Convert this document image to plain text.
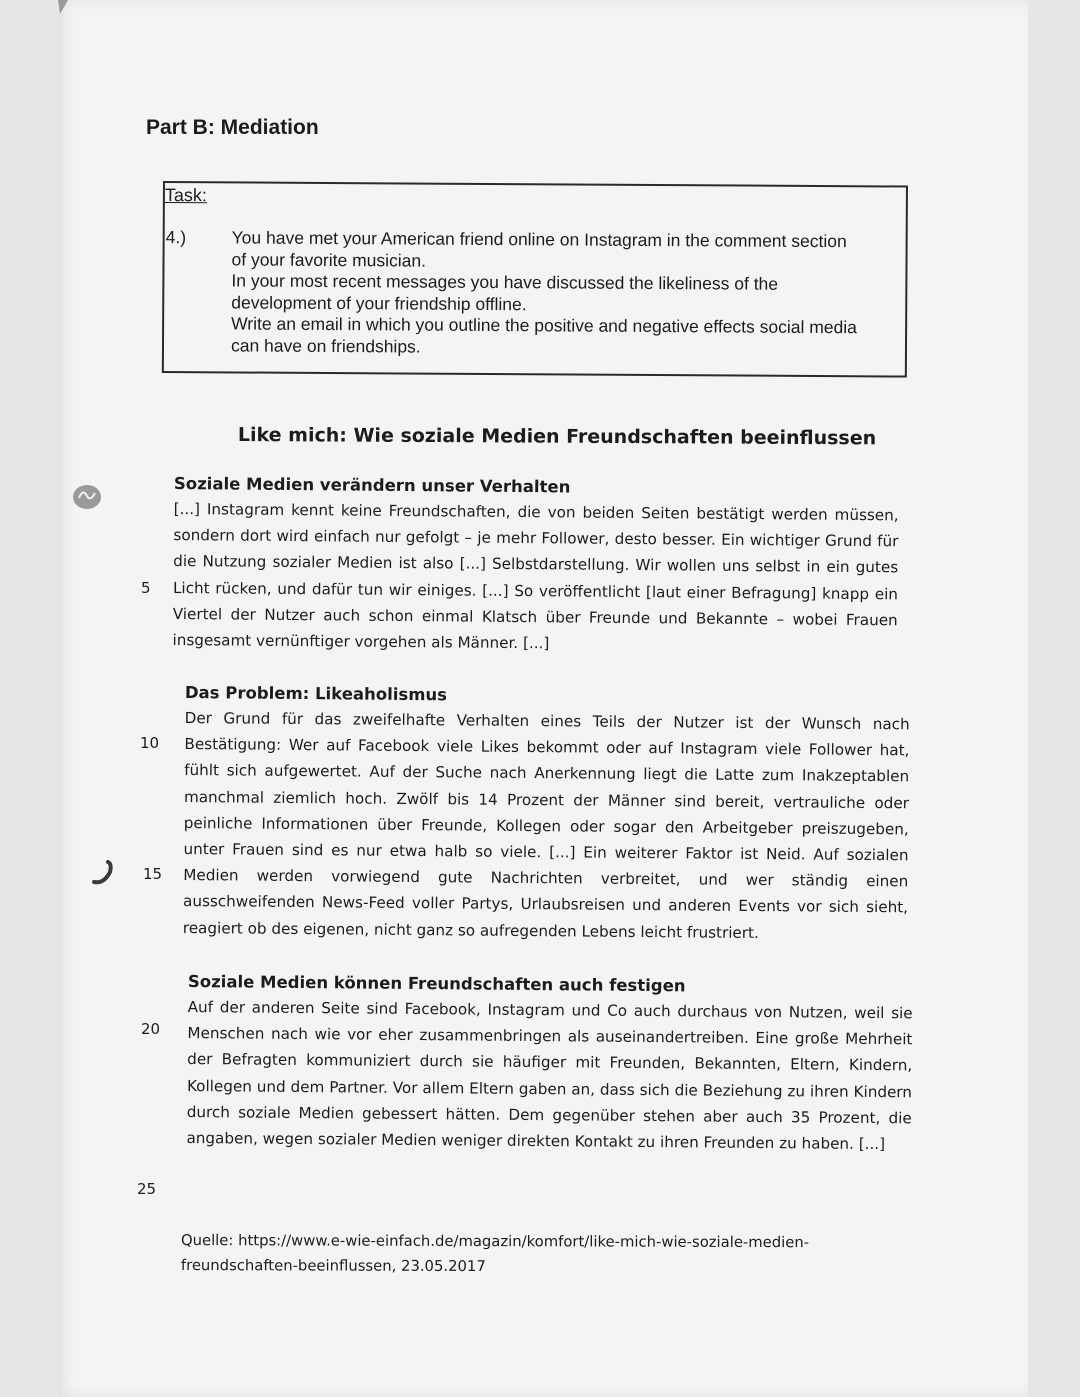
Part B: Mediation
Task:
4.)	You have met your American friend online on Instagram in the comment section
of your favorite musician.
In your most recent messages you have discussed the likeliness of the
development of your friendship offline.
Write an email in which you outline the positive and negative effects social media
can have on friendships.
Like mich: Wie soziale Medien Freundschaften beeinflussen
Soziale Medien verändern unser Verhalten

[...] Instagram kennt keine Freundschaften, die von beiden Seiten bestätigt werden müssen, sondern dort wird einfach nur gefolgt – je mehr Follower, desto besser. Ein wichtiger Grund für die Nutzung sozialer Medien ist also [...] Selbstdarstellung. Wir wollen uns selbst in ein gutes Licht rücken, und dafür tun wir einiges. [...] So veröffentlicht [laut einer Befragung] knapp ein Viertel der Nutzer auch schon einmal Klatsch über Freunde und Bekannte – wobei Frauen insgesamt vernünftiger vorgehen als Männer. [...]

Das Problem: Likeaholismus

Der Grund für das zweifelhafte Verhalten eines Teils der Nutzer ist der Wunsch nach Bestätigung: Wer auf Facebook viele Likes bekommt oder auf Instagram viele Follower hat, fühlt sich aufgewertet. Auf der Suche nach Anerkennung liegt die Latte zum Inakzeptablen manchmal ziemlich hoch. Zwölf bis 14 Prozent der Männer sind bereit, vertrauliche oder peinliche Informationen über Freunde, Kollegen oder sogar den Arbeitgeber preiszugeben, unter Frauen sind es nur etwa halb so viele. [...] Ein weiterer Faktor ist Neid. Auf sozialen Medien werden vorwiegend gute Nachrichten verbreitet, und wer ständig einen ausschweifenden News-Feed voller Partys, Urlaubsreisen und anderen Events vor sich sieht, reagiert ob des eigenen, nicht ganz so aufregenden Lebens leicht frustriert.

Soziale Medien können Freundschaften auch festigen

Auf der anderen Seite sind Facebook, Instagram und Co auch durchaus von Nutzen, weil sie Menschen nach wie vor eher zusammenbringen als auseinandertreiben. Eine große Mehrheit der Befragten kommuniziert durch sie häufiger mit Freunden, Bekannten, Eltern, Kindern, Kollegen und dem Partner. Vor allem Eltern gaben an, dass sich die Beziehung zu ihren Kindern durch soziale Medien gebessert hätten. Dem gegenüber stehen aber auch 35 Prozent, die angaben, wegen sozialer Medien weniger direkten Kontakt zu ihren Freunden zu haben. [...]

5
10
15
20
25
Quelle: https://www.e-wie-einfach.de/magazin/komfort/like-mich-wie-soziale-medien-
freundschaften-beeinflussen, 23.05.2017
